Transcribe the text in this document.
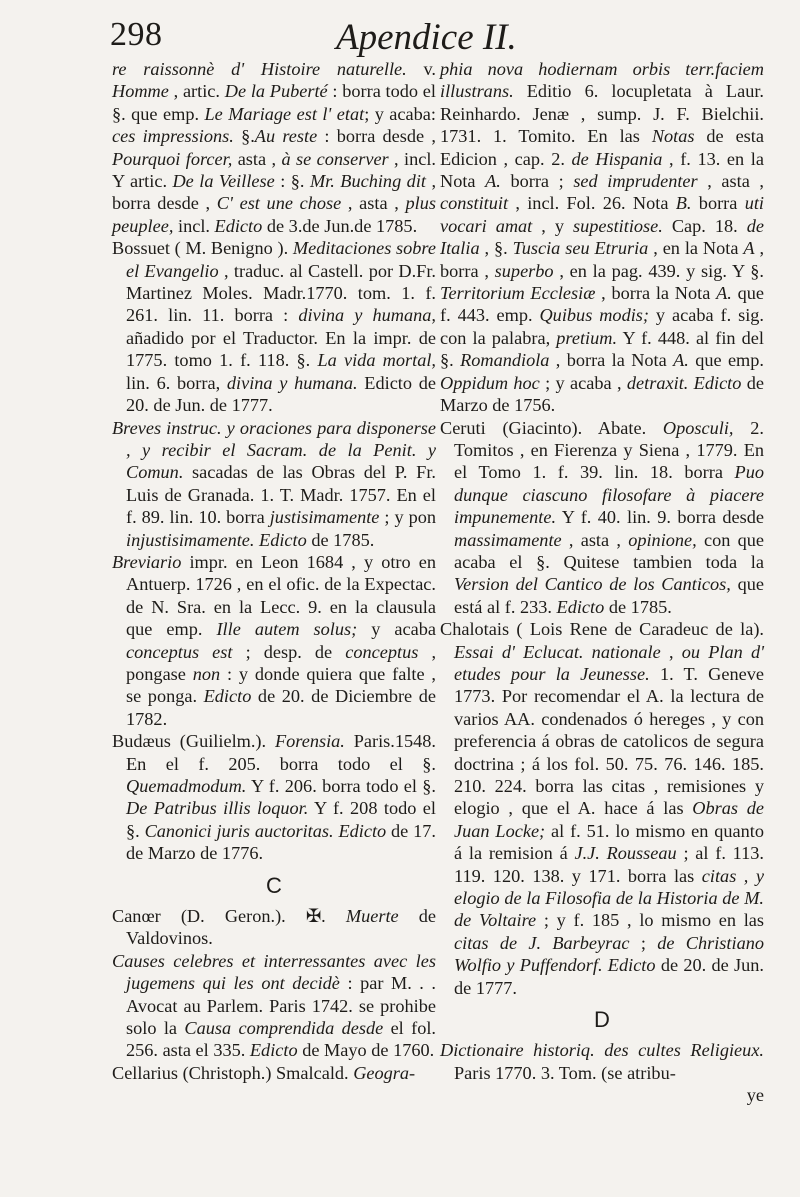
298	Apendice II.

re raissonnè d' Histoire naturelle. v. Homme , artic. De la Puberté : borra todo el §. que emp. Le Mariage est l' etat; y acaba: ces impressions. §.Au reste : borra desde , Pourquoi forcer, asta , à se conserver , incl. Y artic. De la Veillese : §. Mr. Buching dit , borra desde , C' est une chose , asta , plus peuplee, incl. Edicto de 3.de Jun.de 1785.

Bossuet ( M. Benigno ). Meditaciones sobre el Evangelio , traduc. al Castell. por D.Fr. Martinez Moles. Madr.1770. tom. 1. f. 261. lin. 11. borra : divina y humana, añadido por el Traductor. En la impr. de 1775. tomo 1. f. 118. §. La vida mortal, lin. 6. borra, divina y humana. Edicto de 20. de Jun. de 1777.

Breves instruc. y oraciones para disponerse , y recibir el Sacram. de la Penit. y Comun. sacadas de las Obras del P. Fr. Luis de Granada. 1. T. Madr. 1757. En el f. 89. lin. 10. borra justisimamente ; y pon injustisimamente. Edicto de 1785.

Breviario impr. en Leon 1684 , y otro en Antuerp. 1726 , en el ofic. de la Expectac. de N. Sra. en la Lecc. 9. en la clausula que emp. Ille autem solus; y acaba conceptus est ; desp. de conceptus , pongase non : y donde quiera que falte , se ponga. Edicto de 20. de Diciembre de 1782.

Budæus (Guilielm.). Forensia. Paris.1548. En el f. 205. borra todo el §. Quemadmodum. Y f. 206. borra todo el §. De Patribus illis loquor. Y f. 208 todo el §. Canonici juris auctoritas. Edicto de 17. de Marzo de 1776.

C

Canœr (D. Geron.). ✠. Muerte de Valdovinos.

Causes celebres et interressantes avec les jugemens qui les ont decidè : par M. . . Avocat au Parlem. Paris 1742. se prohibe solo la Causa comprendida desde el fol. 256. asta el 335. Edicto de Mayo de 1760.

Cellarius (Christoph.) Smalcald. Geogra-

phia nova hodiernam orbis terr.faciem illustrans. Editio 6. locupletata à Laur. Reinhardo. Jenæ , sump. J. F. Bielchii. 1731. 1. Tomito. En las Notas de esta Edicion , cap. 2. de Hispania , f. 13. en la Nota A. borra ; sed imprudenter , asta , constituit , incl. Fol. 26. Nota B. borra uti vocari amat , y supestitiose. Cap. 18. de Italia , §. Tuscia seu Etruria , en la Nota A , borra , superbo , en la pag. 439. y sig. Y §. Territorium Ecclesiæ , borra la Nota A. que f. 443. emp. Quibus modis; y acaba f. sig. con la palabra, pretium. Y f. 448. al fin del §. Romandiola , borra la Nota A. que emp. Oppidum hoc ; y acaba , detraxit. Edicto de Marzo de 1756.

Ceruti (Giacinto). Abate. Oposculi, 2. Tomitos , en Fierenza y Siena , 1779. En el Tomo 1. f. 39. lin. 18. borra Puo dunque ciascuno filosofare à piacere impunemente. Y f. 40. lin. 9. borra desde massimamente , asta , opinione, con que acaba el §. Quitese tambien toda la Version del Cantico de los Canticos, que está al f. 233. Edicto de 1785.

Chalotais ( Lois Rene de Caradeuc de la). Essai d' Eclucat. nationale , ou Plan d' etudes pour la Jeunesse. 1. T. Geneve 1773. Por recomendar el A. la lectura de varios AA. condenados ó hereges , y con preferencia á obras de catolicos de segura doctrina ; á los fol. 50. 75. 76. 146. 185. 210. 224. borra las citas , remisiones y elogio , que el A. hace á las Obras de Juan Locke; al f. 51. lo mismo en quanto á la remision á J.J. Rousseau ; al f. 113. 119. 120. 138. y 171. borra las citas , y elogio de la Filosofia de la Historia de M. de Voltaire ; y f. 185 , lo mismo en las citas de J. Barbeyrac ; de Christiano Wolfio y Puffendorf. Edicto de 20. de Jun. de 1777.

D

Dictionaire historiq. des cultes Religieux. Paris 1770. 3. Tom. (se atribu-

ye
